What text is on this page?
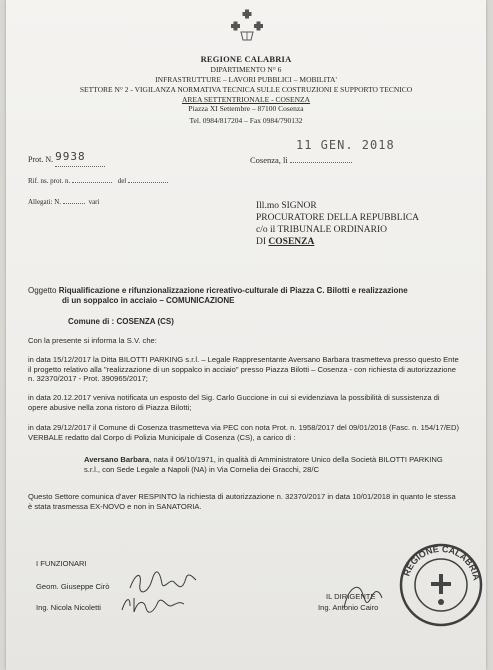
REGIONE CALABRIA
DIPARTIMENTO N° 6
INFRASTRUTTURE – LAVORI PUBBLICI – MOBILITA'
SETTORE N° 2 - VIGILANZA NORMATIVA TECNICA SULLE COSTRUZIONI E SUPPORTO TECNICO
AREA SETTENTRIONALE - COSENZA
Piazza XI Settembre – 87100 Cosenza
Tel. 0984/817204 – Fax 0984/790132
Prot. N. 9938
11 GEN. 2018
Cosenza, lì
Rif. ns. prot. n.	del
Allegati: N.	vari	Ill.mo SIGNOR
PROCURATORE DELLA REPUBBLICA
c/o il TRIBUNALE ORDINARIO
DI COSENZA
Oggetto Riqualificazione e rifunzionalizzazione ricreativo-culturale di Piazza C. Bilotti e realizzazione
di un soppalco in acciaio – COMUNICAZIONE
Comune di : COSENZA (CS)
Con la presente si informa la S.V. che:
in data 15/12/2017 la Ditta BILOTTI PARKING s.r.l. – Legale Rappresentante Aversano Barbara trasmetteva presso questo Ente il progetto relativo alla "realizzazione di un soppalco in acciaio" presso Piazza Bilotti – Cosenza - con richiesta di autorizzazione n. 32370/2017 - Prot. 390965/2017;
in data 20.12.2017 veniva notificata un esposto del Sig. Carlo Guccione in cui si evidenziava la possibilità di sussistenza di opere abusive nella zona ristoro di Piazza Bilotti;
in data 29/12/2017 il Comune di Cosenza trasmetteva via PEC con nota Prot. n. 1958/2017 del 09/01/2018 (Fasc. n. 154/17/ED) VERBALE redatto dal Corpo di Polizia Municipale di Cosenza (CS), a carico di :
Aversano Barbara, nata il 06/10/1971, in qualità di Amministratore Unico della Società BILOTTI PARKING s.r.l., con Sede Legale a Napoli (NA) in Via Cornelia dei Gracchi, 28/C
Questo Settore comunica d'aver RESPINTO la richiesta di autorizzazione n. 32370/2017 in data 10/01/2018 in quanto le stessa è stata trasmessa EX-NOVO e non in SANATORIA.
I FUNZIONARI
Geom. Giuseppe Cirò
Ing. Nicola Nicoletti
IL DIRIGENTE
Ing. Antonio Cairo
REGIONE CALABRIA
